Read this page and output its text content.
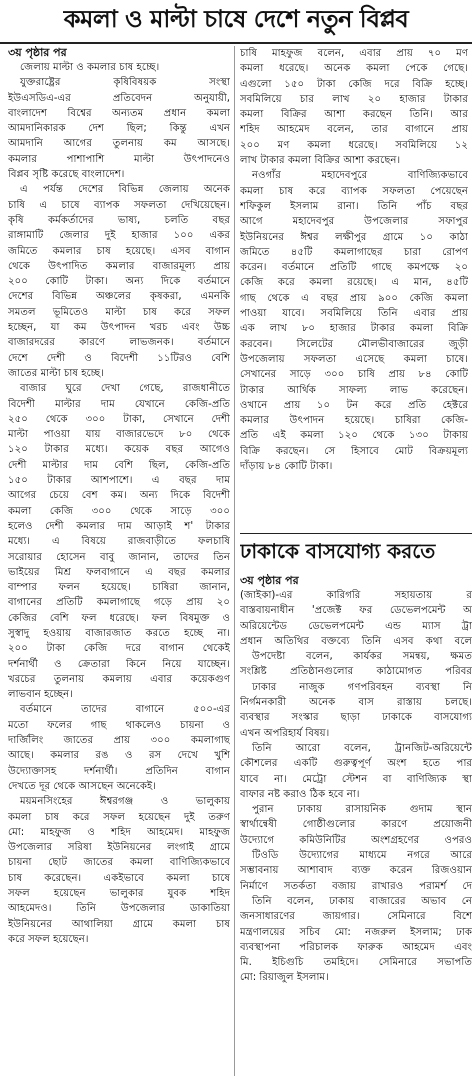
কমলা ও মাল্টা চাষে দেশে নতুন বিপ্লব
৩য় পৃষ্ঠার পর
জেলায় মাল্টা ও কমলার চাষ হচ্ছে।
যুক্তরাষ্ট্রের কৃষিবিষয়ক সংস্থা
ইউএসডিএ-এর প্রতিবেদন অনুযায়ী,
বাংলাদেশ বিশ্বের অন্যতম প্রধান কমলা
আমদানিকারক দেশ ছিল; কিন্তু এখন
আমদানি আগের তুলনায় কম আসছে।
কমলার পাশাপাশি মাল্টা উৎপাদনেও
বিপ্লব সৃষ্টি করেছে বাংলাদেশ।
এ পর্যন্ত দেশের বিভিন্ন জেলায় অনেক
চাষি এ চাষে ব্যাপক সফলতা দেখিয়েছেন।
কৃষি কর্মকর্তাদের ভাষ্য, চলতি বছর
রাঙ্গামাটি জেলার দুই হাজার ১০০ একর
জমিতে কমলার চাষ হয়েছে। এসব বাগান
থেকে উৎপাদিত কমলার বাজারমূল্য প্রায়
২০০ কোটি টাকা। অন্য দিকে বর্তমানে
দেশের বিভিন্ন অঞ্চলের কৃষকরা, এমনকি
সমতল ভূমিতেও মাল্টা চাষ করে সফল
হচ্ছেন, যা কম উৎপাদন খরচ এবং উচ্চ
বাজারদরের কারণে লাভজনক। বর্তমানে
দেশে দেশী ও বিদেশী ১১টিরও বেশি
জাতের মাল্টা চাষ হচ্ছে।
বাজার ঘুরে দেখা গেছে, রাজধানীতে
বিদেশী মাল্টার দাম যেখানে কেজি-প্রতি
২৫০ থেকে ৩০০ টাকা, সেখানে দেশী
মাল্টা পাওয়া যায় বাজারভেদে ৮০ থেকে
১২০ টাকার মধ্যে। কয়েক বছর আগেও
দেশী মাল্টার দাম বেশি ছিল, কেজি-প্রতি
১৫০ টাকার আশপাশে। এ বছর দাম
আগের চেয়ে বেশ কম। অন্য দিকে বিদেশী
কমলা কেজি ৩০০ থেকে সাড়ে ৩০০
হলেও দেশী কমলার দাম আড়াই শ' টাকার
মধ্যে। এ বিষয়ে রাজবাড়ীতে ফলচাষি
সরোয়ার হোসেন বাবু জানান, তাদের তিন
ভাইয়ের মিশ্র ফলবাগানে এ বছর কমলার
বাম্পার ফলন হয়েছে। চাষিরা জানান,
বাগানের প্রতিটি কমলাগাছে গড়ে প্রায় ২০
কেজির বেশি ফল ধরেছে। ফল বিষমুক্ত ও
সুস্বাদু হওয়ায় বাজারজাত করতে হচ্ছে না।
২০০ টাকা কেজি দরে বাগান থেকেই
দর্শনার্থী ও ক্রেতারা কিনে নিয়ে যাচ্ছেন।
খরচের তুলনায় কমলায় এবার কয়েকগুণ
লাভবান হচ্ছেন।
বর্তমানে তাদের বাগানে ৫০০-এর
মতো ফলের গাছ থাকলেও চায়না ও
দার্জিলিং জাতের প্রায় ৩০০ কমলাগাছ
আছে। কমলার রঙ ও রস দেখে খুশি
উদ্যোক্তাসহ দর্শনার্থী। প্রতিদিন বাগান
দেখতে দূর থেকে আসছেন অনেকেই।
ময়মনসিংহের ঈশ্বরগঞ্জ ও ভালুকায়
কমলা চাষ করে সফল হয়েছেন দুই তরুণ
মো: মাহফুজ ও শহিদ আহমেদ। মাহফুজ
উপজেলার সরিষা ইউনিয়নের লংগাই গ্রামে
চায়না ছোট জাতের কমলা বাণিজ্যিকভাবে
চাষ করেছেন। একইভাবে কমলা চাষে
সফল হয়েছেন ভালুকার যুবক শহিদ
আহমেদও। তিনি উপজেলার ডাকাতিয়া
ইউনিয়নের আথালিয়া গ্রামে কমলা চাষ
করে সফল হয়েছেন।
চাষি মাহফুজ বলেন, এবার প্রায় ৭০ মণ
কমলা ধরেছে। অনেক কমলা পেকে গেছে।
এগুলো ১৫০ টাকা কেজি দরে বিক্রি হচ্ছে।
সবমিলিয়ে চার লাখ ২০ হাজার টাকার
কমলা বিক্রির আশা করছেন তিনি। আর
শহিদ আহমেদ বলেন, তার বাগানে প্রায়
২০০ মণ কমলা ধরেছে। সবমিলিয়ে ১২
লাখ টাকার কমলা বিক্রির আশা করছেন।
নওগাঁর মহাদেবপুরে বাণিজ্যিকভাবে
কমলা চাষ করে ব্যাপক সফলতা পেয়েছেন
শফিকুল ইসলাম রানা। তিনি পাঁচ বছর
আগে মহাদেবপুর উপজেলার সফাপুর
ইউনিয়নের ঈশ্বর লক্ষীপুর গ্রামে ১০ কাঠা
জমিতে ৪৫টি কমলাগাছের চারা রোপণ
করেন। বর্তমানে প্রতিটি গাছে কমপক্ষে ২০
কেজি করে কমলা রয়েছে। এ মান, ৪৫টি
গাছ থেকে এ বছর প্রায় ৯০০ কেজি কমলা
পাওয়া যাবে। সবমিলিয়ে তিনি এবার প্রায়
এক লাখ ৮০ হাজার টাকার কমলা বিক্রি
করবেন। সিলেটের মৌলভীবাজারের জুড়ী
উপজেলায় সফলতা এসেছে কমলা চাষে।
সেখানের সাড়ে ৩০০ চাষি প্রায় ৮৪ কোটি
টাকার আর্থিক সাফল্য লাভ করেছেন।
ওখানে প্রায় ১০ টন করে প্রতি হেক্টরে
কমলার উৎপাদন হয়েছে। চাষিরা কেজি-
প্রতি এই কমলা ১২০ থেকে ১৩০ টাকায়
বিক্রি করছেন। সে হিসাবে মোট বিক্রয়মূল্য
দাঁড়ায় ৮৪ কোটি টাকা।
ঢাকাকে বাসযোগ্য করতে
৩য় পৃষ্ঠার পর
(জাইকা)-এর কারিগরি সহায়তায় র
বাস্তবায়নাধীন 'প্রজেক্ট ফর ডেভেলপমেন্ট অ
অরিয়েন্টেড ডেভেলপমেন্ট এন্ড ম্যাস ট্রা
প্রধান অতিথির বক্তব্যে তিনি এসব কথা বলে
উপদেষ্টা বলেন, কার্যকর সমন্বয়, ক্ষমত
সংশ্লিষ্ট প্রতিষ্ঠানগুলোর কাঠামোগত পরিবর
ঢাকার নাজুক গণপরিবহন ব্যবস্থা নি
নির্গমনকারী অনেক বাস রাস্তায় চলছে।
ব্যবস্থার সংস্কার ছাড়া ঢাকাকে বাসযোগ্য
এখন অপরিহার্য বিষয়।
তিনি আরো বলেন, ট্রানজিট-অরিয়েন্টে
কৌশলের একটি গুরুত্বপূর্ণ অংশ হতে পার
যাবে না। মেট্রো স্টেশন বা বাণিজ্যিক স্থা
বাফার নষ্ট করাও ঠিক হবে না।
পুরান ঢাকায় রাসায়নিক গুদাম স্থান
স্বার্থান্বেষী গোষ্ঠীগুলোর কারণে প্রয়োজনী
উদ্যোগে কমিউনিটির অংশগ্রহণের ওপরও
টিওডি উদ্যোগের মাধ্যমে নগরে আরে
সম্ভাবনায় আশাবাদ ব্যক্ত করেন রিজওয়ান
নির্মাণে সতর্কতা বজায় রাখারও পরামর্শ দে
তিনি বলেন, ঢাকায় বাজারের অভাব নে
জনসাধারণের জায়গার। সেমিনারে বিশে
মন্ত্রণালয়ের সচিব মো: নজরুল ইসলাম; ঢাক
ব্যবস্থাপনা পরিচালক ফারুক আহমেদ এবং
মি. ইচিগুচি তমহিদে। সেমিনারে সভাপতি
মো: রিয়াজুল ইসলাম।
